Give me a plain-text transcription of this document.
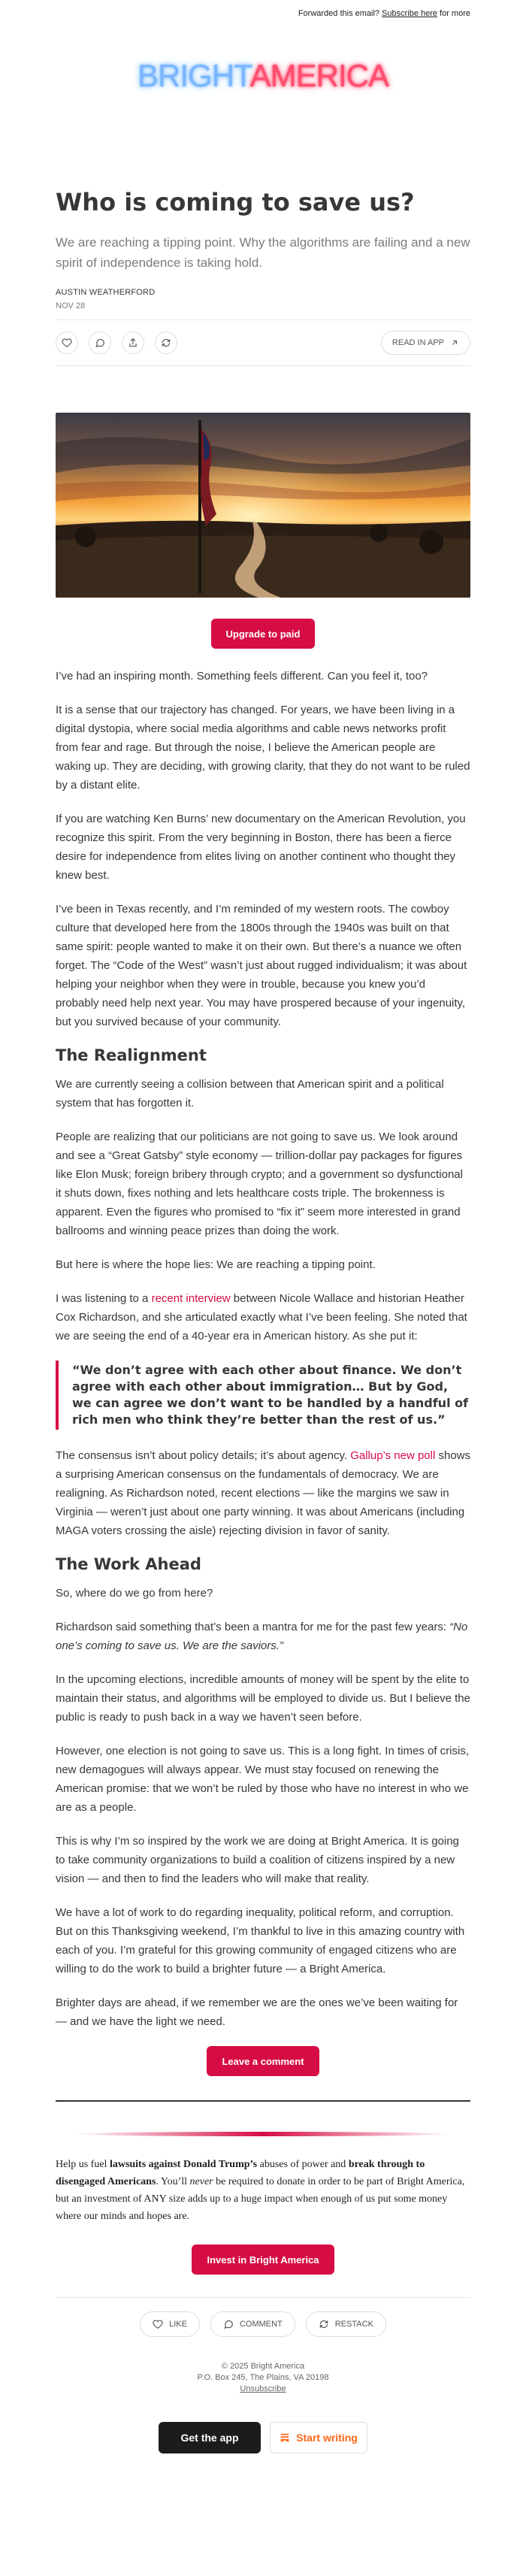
Forwarded this email? Subscribe here for more
BRIGHTAMERICA
Who is coming to save us?

We are reaching a tipping point. Why the algorithms are failing and a new spirit of independence is taking hold.

AUSTIN WEATHERFORD
NOV 28
READ IN APP
Upgrade to paid

I’ve had an inspiring month. Something feels different. Can you feel it, too?

It is a sense that our trajectory has changed. For years, we have been living in a digital dystopia, where social media algorithms and cable news networks profit from fear and rage. But through the noise, I believe the American people are waking up. They are deciding, with growing clarity, that they do not want to be ruled by a distant elite.

If you are watching Ken Burns’ new documentary on the American Revolution, you recognize this spirit. From the very beginning in Boston, there has been a fierce desire for independence from elites living on another continent who thought they knew best.

I’ve been in Texas recently, and I’m reminded of my western roots. The cowboy culture that developed here from the 1800s through the 1940s was built on that same spirit: people wanted to make it on their own. But there’s a nuance we often forget. The “Code of the West” wasn’t just about rugged individualism; it was about helping your neighbor when they were in trouble, because you knew you’d probably need help next year. You may have prospered because of your ingenuity, but you survived because of your community.

The Realignment

We are currently seeing a collision between that American spirit and a political system that has forgotten it.

People are realizing that our politicians are not going to save us. We look around and see a “Great Gatsby” style economy — trillion-dollar pay packages for figures like Elon Musk; foreign bribery through crypto; and a government so dysfunctional it shuts down, fixes nothing and lets healthcare costs triple. The brokenness is apparent. Even the figures who promised to “fix it” seem more interested in grand ballrooms and winning peace prizes than doing the work.

But here is where the hope lies: We are reaching a tipping point.

I was listening to a recent interview between Nicole Wallace and historian Heather Cox Richardson, and she articulated exactly what I’ve been feeling. She noted that we are seeing the end of a 40-year era in American history. As she put it:

“We don’t agree with each other about finance. We don’t agree with each other about immigration… But by God, we can agree we don’t want to be handled by a handful of rich men who think they’re better than the rest of us.”

The consensus isn’t about policy details; it’s about agency. Gallup’s new poll shows a surprising American consensus on the fundamentals of democracy. We are realigning. As Richardson noted, recent elections — like the margins we saw in Virginia — weren’t just about one party winning. It was about Americans (including MAGA voters crossing the aisle) rejecting division in favor of sanity.

The Work Ahead

So, where do we go from here?

Richardson said something that’s been a mantra for me for the past few years: “No one’s coming to save us. We are the saviors.”

In the upcoming elections, incredible amounts of money will be spent by the elite to maintain their status, and algorithms will be employed to divide us. But I believe the public is ready to push back in a way we haven’t seen before.

However, one election is not going to save us. This is a long fight. In times of crisis, new demagogues will always appear. We must stay focused on renewing the American promise: that we won’t be ruled by those who have no interest in who we are as a people.

This is why I’m so inspired by the work we are doing at Bright America. It is going to take community organizations to build a coalition of citizens inspired by a new vision — and then to find the leaders who will make that reality.

We have a lot of work to do regarding inequality, political reform, and corruption. But on this Thanksgiving weekend, I’m thankful to live in this amazing country with each of you. I’m grateful for this growing community of engaged citizens who are willing to do the work to build a brighter future — a Bright America.

Brighter days are ahead, if we remember we are the ones we’ve been waiting for — and we have the light we need.

Leave a comment

Help us fuel lawsuits against Donald Trump’s abuses of power and break through to disengaged Americans. You’ll never be required to donate in order to be part of Bright America, but an investment of ANY size adds up to a huge impact when enough of us put some money where our minds and hopes are.

Invest in Bright America
LIKE	COMMENT	RESTACK
© 2025 Bright America
P.O. Box 245, The Plains, VA 20198
Unsubscribe
Get the app	Start writing
